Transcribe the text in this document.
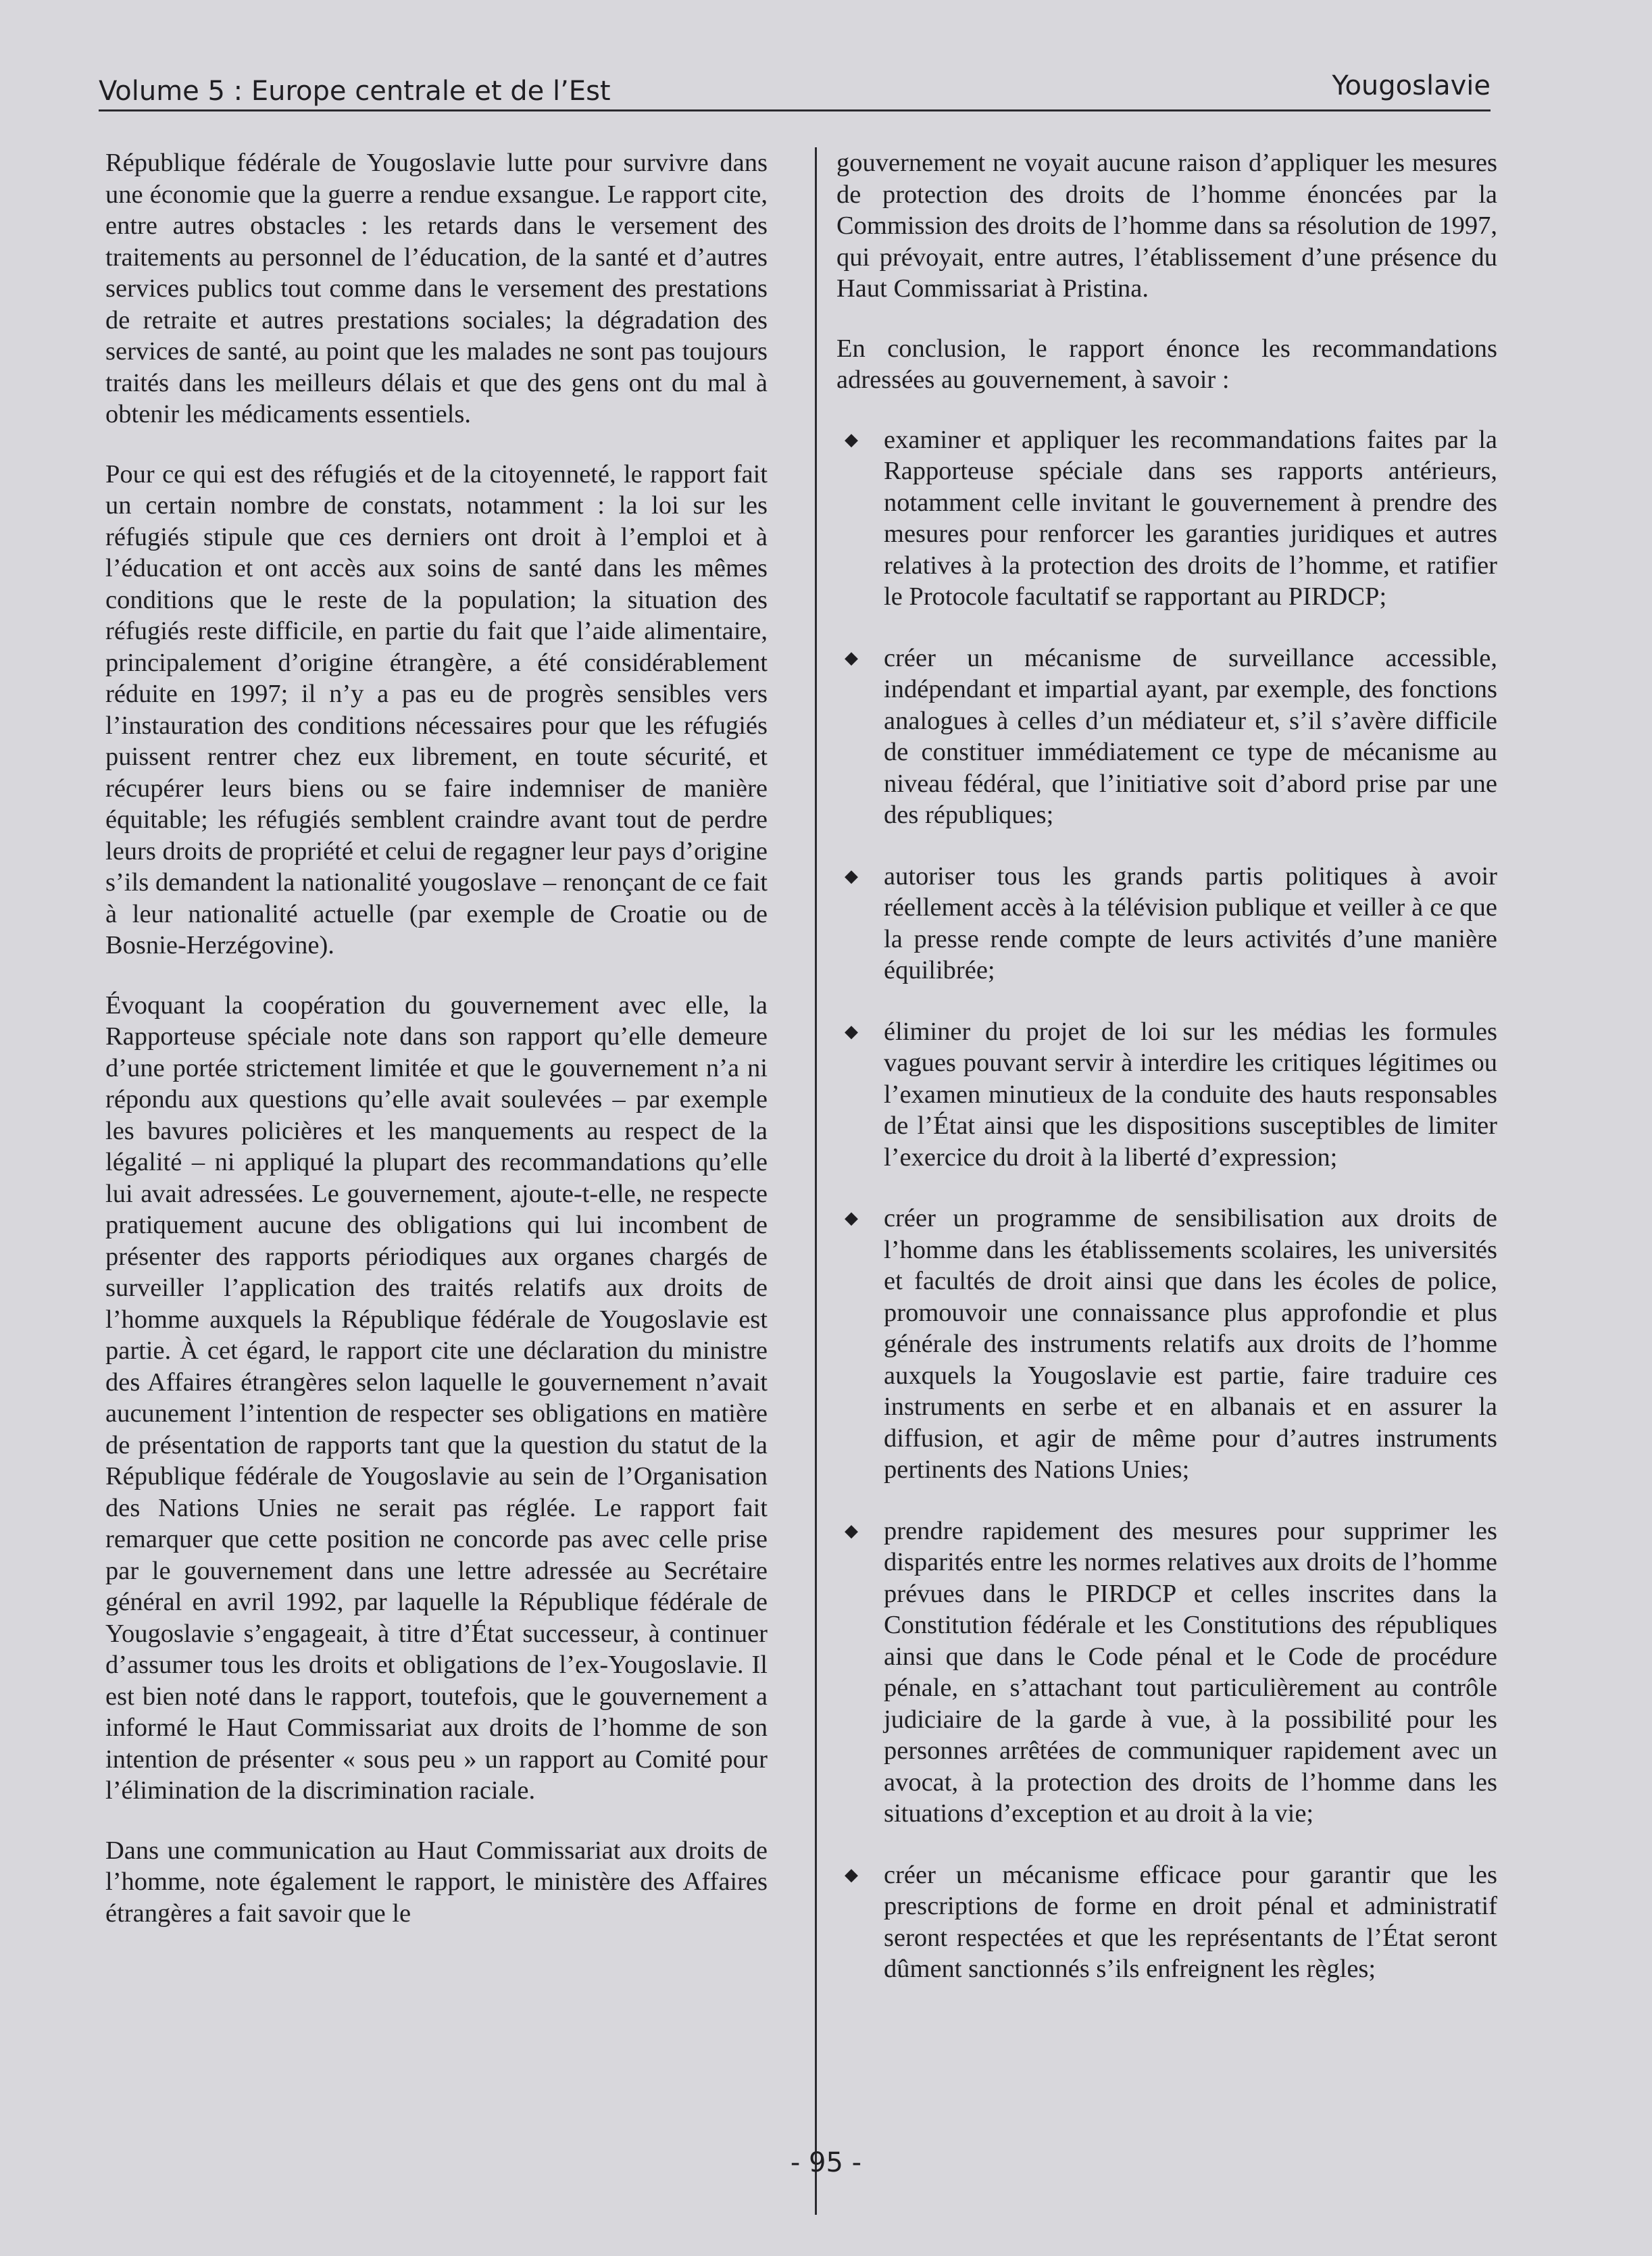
Volume 5 : Europe centrale et de l’Est	Yougoslavie

République fédérale de Yougoslavie lutte pour survivre dans une économie que la guerre a rendue exsangue. Le rapport cite, entre autres obstacles : les retards dans le versement des traitements au personnel de l’éducation, de la santé et d’autres services publics tout comme dans le versement des prestations de retraite et autres prestations sociales; la dégradation des services de santé, au point que les malades ne sont pas toujours traités dans les meilleurs délais et que des gens ont du mal à obtenir les médicaments essentiels.

Pour ce qui est des réfugiés et de la citoyenneté, le rapport fait un certain nombre de constats, notamment : la loi sur les réfugiés stipule que ces derniers ont droit à l’emploi et à l’éducation et ont accès aux soins de santé dans les mêmes conditions que le reste de la population; la situation des réfugiés reste difficile, en partie du fait que l’aide alimentaire, principalement d’origine étrangère, a été considérablement réduite en 1997; il n’y a pas eu de progrès sensibles vers l’instauration des conditions nécessaires pour que les réfugiés puissent rentrer chez eux librement, en toute sécurité, et récupérer leurs biens ou se faire indemniser de manière équitable; les réfugiés semblent craindre avant tout de perdre leurs droits de propriété et celui de regagner leur pays d’origine s’ils demandent la nationalité yougoslave – renonçant de ce fait à leur nationalité actuelle (par exemple de Croatie ou de Bosnie-Herzégovine).

Évoquant la coopération du gouvernement avec elle, la Rapporteuse spéciale note dans son rapport qu’elle demeure d’une portée strictement limitée et que le gouvernement n’a ni répondu aux questions qu’elle avait soulevées – par exemple les bavures policières et les manquements au respect de la légalité – ni appliqué la plupart des recommandations qu’elle lui avait adressées. Le gouvernement, ajoute-t-elle, ne respecte pratiquement aucune des obligations qui lui incombent de présenter des rapports périodiques aux organes chargés de surveiller l’application des traités relatifs aux droits de l’homme auxquels la République fédérale de Yougoslavie est partie. À cet égard, le rapport cite une déclaration du ministre des Affaires étrangères selon laquelle le gouvernement n’avait aucunement l’intention de respecter ses obligations en matière de présentation de rapports tant que la question du statut de la République fédérale de Yougoslavie au sein de l’Organisation des Nations Unies ne serait pas réglée. Le rapport fait remarquer que cette position ne concorde pas avec celle prise par le gouvernement dans une lettre adressée au Secrétaire général en avril 1992, par laquelle la République fédérale de Yougoslavie s’engageait, à titre d’État successeur, à continuer d’assumer tous les droits et obligations de l’ex-Yougoslavie. Il est bien noté dans le rapport, toutefois, que le gouvernement a informé le Haut Commissariat aux droits de l’homme de son intention de présenter « sous peu » un rapport au Comité pour l’élimination de la discrimination raciale.

Dans une communication au Haut Commissariat aux droits de l’homme, note également le rapport, le ministère des Affaires étrangères a fait savoir que le

gouvernement ne voyait aucune raison d’appliquer les mesures de protection des droits de l’homme énoncées par la Commission des droits de l’homme dans sa résolution de 1997, qui prévoyait, entre autres, l’établissement d’une présence du Haut Commissariat à Pristina.

En conclusion, le rapport énonce les recommandations adressées au gouvernement, à savoir :

◆ examiner et appliquer les recommandations faites par la Rapporteuse spéciale dans ses rapports antérieurs, notamment celle invitant le gouvernement à prendre des mesures pour renforcer les garanties juridiques et autres relatives à la protection des droits de l’homme, et ratifier le Protocole facultatif se rapportant au PIRDCP;
◆ créer un mécanisme de surveillance accessible, indépendant et impartial ayant, par exemple, des fonctions analogues à celles d’un médiateur et, s’il s’avère difficile de constituer immédiatement ce type de mécanisme au niveau fédéral, que l’initiative soit d’abord prise par une des républiques;
◆ autoriser tous les grands partis politiques à avoir réellement accès à la télévision publique et veiller à ce que la presse rende compte de leurs activités d’une manière équilibrée;
◆ éliminer du projet de loi sur les médias les formules vagues pouvant servir à interdire les critiques légitimes ou l’examen minutieux de la conduite des hauts responsables de l’État ainsi que les dispositions susceptibles de limiter l’exercice du droit à la liberté d’expression;
◆ créer un programme de sensibilisation aux droits de l’homme dans les établissements scolaires, les universités et facultés de droit ainsi que dans les écoles de police, promouvoir une connaissance plus approfondie et plus générale des instruments relatifs aux droits de l’homme auxquels la Yougoslavie est partie, faire traduire ces instruments en serbe et en albanais et en assurer la diffusion, et agir de même pour d’autres instruments pertinents des Nations Unies;
◆ prendre rapidement des mesures pour supprimer les disparités entre les normes relatives aux droits de l’homme prévues dans le PIRDCP et celles inscrites dans la Constitution fédérale et les Constitutions des républiques ainsi que dans le Code pénal et le Code de procédure pénale, en s’attachant tout particulièrement au contrôle judiciaire de la garde à vue, à la possibilité pour les personnes arrêtées de communiquer rapidement avec un avocat, à la protection des droits de l’homme dans les situations d’exception et au droit à la vie;
◆ créer un mécanisme efficace pour garantir que les prescriptions de forme en droit pénal et administratif seront respectées et que les représentants de l’État seront dûment sanctionnés s’ils enfreignent les règles;
- 95 -
